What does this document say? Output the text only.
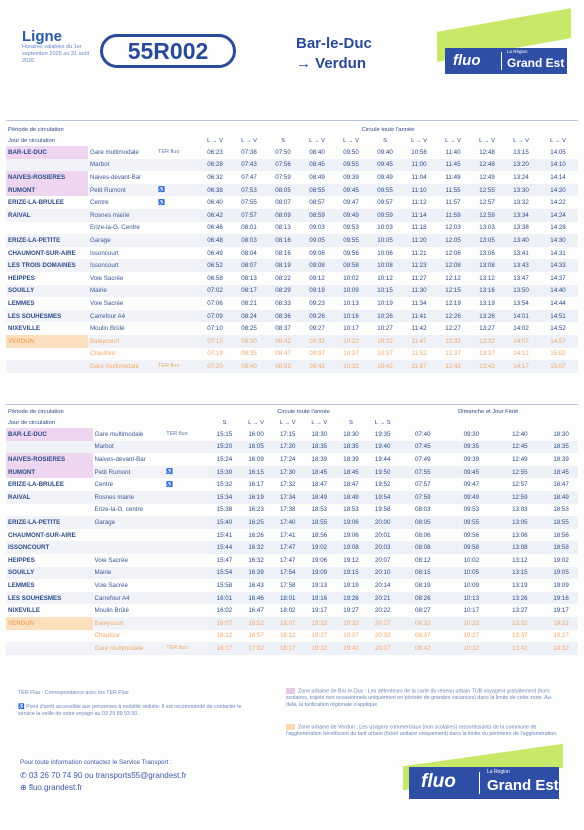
Ligne
Horaires valables du 1er septembre 2025 au 31 août 2026	55R002	Bar-le-Duc
→ Verdun	fluo
La Région
Grand Est
Période de circulation			Circule toute l'année										
Jour de circulation			L → V	L → V	S	L → V	L → V	S	L → V	L → V	L → V	L → V	L → V
BAR-LE-DUC	Gare multimodale	TER fluo	06:23	07:38	07:50	08:40	09:50	09:40	10:56	11:40	12:48	13:15	14:05
	Marbot		06:28	07:43	07:56	08:45	09:55	09:45	11:00	11:45	12:48	13:20	14:10
NAIVES-ROSIERES	Naives-devant-Bar		06:32	07:47	07:59	08:49	09:39	09:49	11:04	11:49	12:49	13:24	14:14
RUMONT	Petit Rumont	♿	06:38	07:53	08:05	08:55	09:45	09:55	11:10	11:55	12:55	13:30	14:20
ERIZE-LA-BRULEE	Centre	♿	06:40	07:55	08:07	08:57	09:47	09:57	11:12	11:57	12:57	13:32	14:22
RAIVAL	Rosnes mairie		06:42	07:57	08:09	08:59	09:49	09:59	11:14	11:59	12:59	13:34	14:24
	Erize-la-G. Centre		06:46	08:01	08:13	09:03	09:53	10:03	11:18	12:03	13:03	13:38	14:28
ERIZE-LA-PETITE	Garage		06:48	08:03	08:16	09:05	09:55	10:05	11:20	12:05	13:05	13:40	14:30
CHAUMONT-SUR-AIRE	Issoncourt		06:49	08:04	08:16	09:06	09:56	10:06	11:21	12:06	13:06	13:41	14:31
LES TROIS DOMAINES	Issoncourt		06:52	08:07	08:19	09:08	09:58	10:08	11:23	12:08	13:08	13:43	14:33
HEIPPES	Voie Sacrée		06:58	08:13	08:22	09:12	10:02	10:12	11:27	12:12	13:12	13:47	14:37
SOUILLY	Mairie		07:02	08:17	08:29	09:19	10:09	10:15	11:30	12:15	13:16	13:50	14:40
LEMMES	Voie Sacrée		07:06	08:21	08:33	09:23	10:13	10:19	11:34	12:19	13:19	13:54	14:44
LES SOUHESMES	Carrefour A4		07:09	08:24	08:36	09:26	10:16	10:26	11:41	12:26	13:26	14:01	14:51
NIXEVILLE	Moulin Brûlé		07:10	08:25	08:37	09:27	10:17	10:27	11:42	12:27	13:27	14:02	14:52
VERDUN	Baleycourt		07:15	08:30	08:42	09:32	10:22	10:32	11:47	12:32	13:32	14:07	14:57
	Chaufour		07:19	08:35	08:47	09:37	10:27	10:37	11:52	12:37	13:37	14:12	15:02
	Gare multimodale	TER fluo	07:20	08:40	08:52	09:42	10:32	10:42	11:57	12:42	13:42	14:17	15:07
Période de circulation			Circule toute l'année						Dimanche et Jour Férié			
Jour de circulation			S	L → V	L → V	L → V	S	L → S				
BAR-LE-DUC	Gare multimodale	TER fluo	15:15	16:00	17:15	18:30	18:30	19:35	07:40	09:30	12:40	18:30
	Marbot		15:20	16:05	17:20	18:35	18:35	19:40	07:45	09:35	12:45	18:35
NAIVES-ROSIERES	Naives-devant-Bar		15:24	16:09	17:24	18:39	18:39	19:44	07:49	09:39	12:49	18:39
RUMONT	Petit Rumont	♿	15:30	16:15	17:30	18:45	18:45	19:50	07:55	09:45	12:55	18:45
ERIZE-LA-BRULEE	Centre	♿	15:32	16:17	17:32	18:47	18:47	19:52	07:57	09:47	12:57	18:47
RAIVAL	Rosnes mairie		15:34	16:19	17:34	18:49	18:49	19:54	07:59	09:49	12:59	18:49
	Erize-la-G. centre		15:38	16:23	17:38	18:53	18:53	19:58	08:03	09:53	13:03	18:53
ERIZE-LA-PETITE	Garage		15:40	16:25	17:40	18:55	19:06	20:00	08:05	09:55	13:05	18:55
CHAUMONT-SUR-AIRE			15:41	16:26	17:41	18:56	19:06	20:01	08:06	09:56	13:06	18:56
ISSONCOURT			15:44	16:32	17:47	19:02	19:08	20:03	08:08	09:58	13:08	18:58
HEIPPES	Voie Sacrée		15:47	16:32	17:47	19:06	19:12	20:07	08:12	10:02	13:12	19:02
SOUILLY	Mairie		15:54	16:39	17:54	19:09	19:15	20:10	08:15	10:05	13:15	19:05
LEMMES	Voie Sacrée		15:58	16:43	17:58	19:13	19:19	20:14	08:19	10:09	13:19	19:09
LES SOUHESMES	Carrefour A4		16:01	16:46	18:01	19:16	19:26	20:21	08:26	10:13	13:26	19:16
NIXEVILLE	Moulin Brûlé		16:02	16:47	18:02	19:17	19:27	20:22	08:27	10:17	13:27	19:17
VERDUN	Baleycourt		16:07	16:52	18:07	19:22	19:32	20:27	08:32	10:22	13:32	19:22
	Chaufour		16:12	16:57	18:12	19:27	19:37	20:32	08:37	10:27	13:37	19:27
	Gare multimodale	TER fluo	16:17	17:02	18:17	19:32	19:42	20:37	08:42	10:32	13:42	19:32
TER Fluo : Correspondance avec les TER Fluo
♿ Point d'arrêt accessible aux personnes à mobilité réduite. Il est recommandé de contacter le service la veille de votre voyage au 03 29 89 93 00.
Zone urbaine de Bar-le-Duc : Les détenteurs de la carte du réseau urbain TUB voyagent gratuitement (hors scolaires, trajets non occasionnels uniquement en période de grandes vacances) dans la limite de cette zone. Au-delà, la tarification régionale s'applique.
Zone urbaine de Verdun : Les usagers commerciaux (non scolaires) ressortissants de la commune de l'agglomération bénéficient du tarif urbain (ticket unitaire uniquement) dans la limite du périmètre de l'agglomération.
Pour toute information contactez le Service Transport :
✆ 03 26 70 74 90 ou transports55@grandest.fr
⊕ fluo.grandest.fr	fluo	La Région
Grand Est
